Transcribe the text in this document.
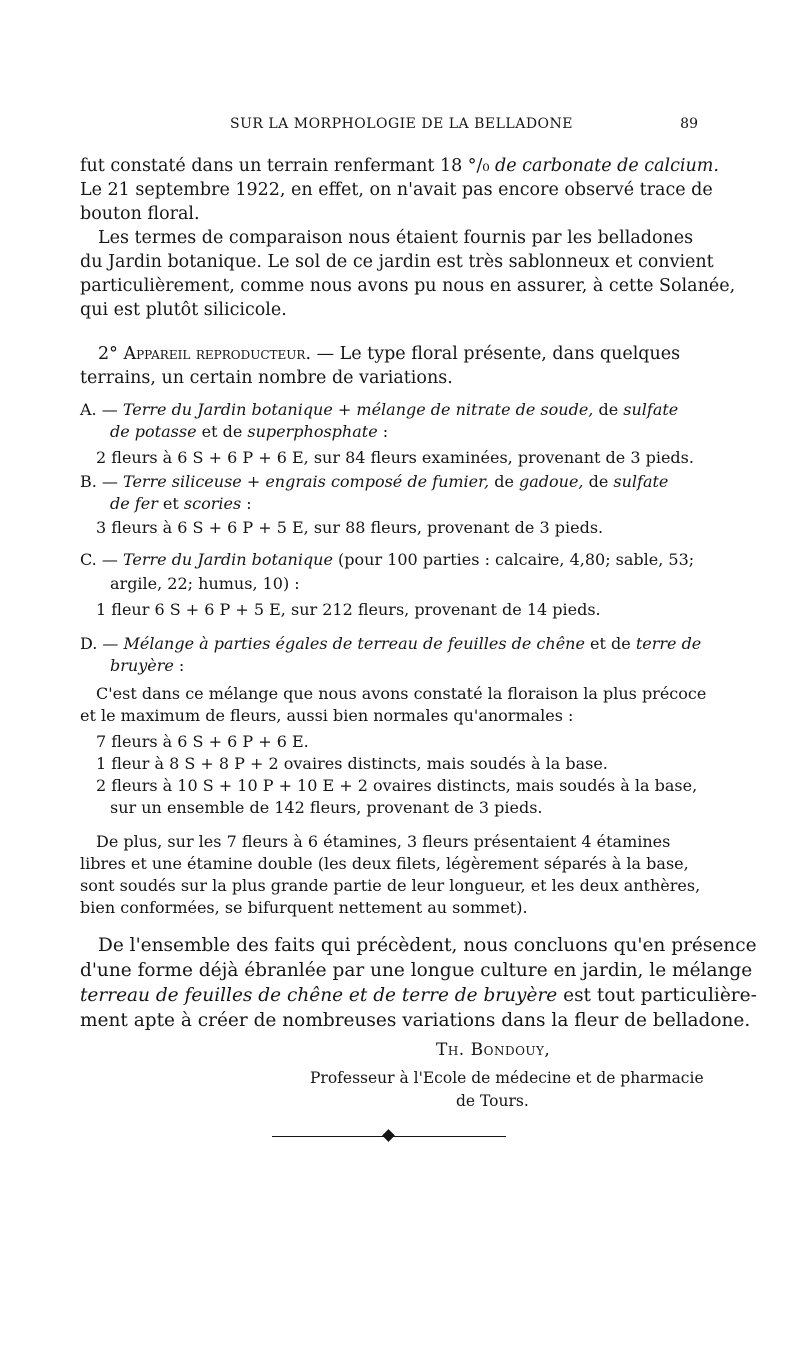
SUR LA MORPHOLOGIE DE LA BELLADONE	89
fut constaté dans un terrain renfermant 18 °/₀ de carbonate de calcium.
Le 21 septembre 1922, en effet, on n'avait pas encore observé trace de
bouton floral.
Les termes de comparaison nous étaient fournis par les belladones
du Jardin botanique. Le sol de ce jardin est très sablonneux et convient
particulièrement, comme nous avons pu nous en assurer, à cette Solanée,
qui est plutôt silicicole.
2° Appareil reproducteur. — Le type floral présente, dans quelques
terrains, un certain nombre de variations.
A. — Terre du Jardin botanique + mélange de nitrate de soude, de sulfate
de potasse et de superphosphate :
2 fleurs à 6 S + 6 P + 6 E, sur 84 fleurs examinées, provenant de 3 pieds.
B. — Terre siliceuse + engrais composé de fumier, de gadoue, de sulfate
de fer et scories :
3 fleurs à 6 S + 6 P + 5 E, sur 88 fleurs, provenant de 3 pieds.
C. — Terre du Jardin botanique (pour 100 parties : calcaire, 4,80; sable, 53;
argile, 22; humus, 10) :
1 fleur 6 S + 6 P + 5 E, sur 212 fleurs, provenant de 14 pieds.
D. — Mélange à parties égales de terreau de feuilles de chêne et de terre de
bruyère :
C'est dans ce mélange que nous avons constaté la floraison la plus précoce
et le maximum de fleurs, aussi bien normales qu'anormales :
7 fleurs à 6 S + 6 P + 6 E.
1 fleur à 8 S + 8 P + 2 ovaires distincts, mais soudés à la base.
2 fleurs à 10 S + 10 P + 10 E + 2 ovaires distincts, mais soudés à la base,
sur un ensemble de 142 fleurs, provenant de 3 pieds.
De plus, sur les 7 fleurs à 6 étamines, 3 fleurs présentaient 4 étamines
libres et une étamine double (les deux filets, légèrement séparés à la base,
sont soudés sur la plus grande partie de leur longueur, et les deux anthères,
bien conformées, se bifurquent nettement au sommet).
De l'ensemble des faits qui précèdent, nous concluons qu'en présence
d'une forme déjà ébranlée par une longue culture en jardin, le mélange
terreau de feuilles de chêne et de terre de bruyère est tout particulière-
ment apte à créer de nombreuses variations dans la fleur de belladone.
Th. Bondouy,
Professeur à l'Ecole de médecine et de pharmacie
de Tours.
